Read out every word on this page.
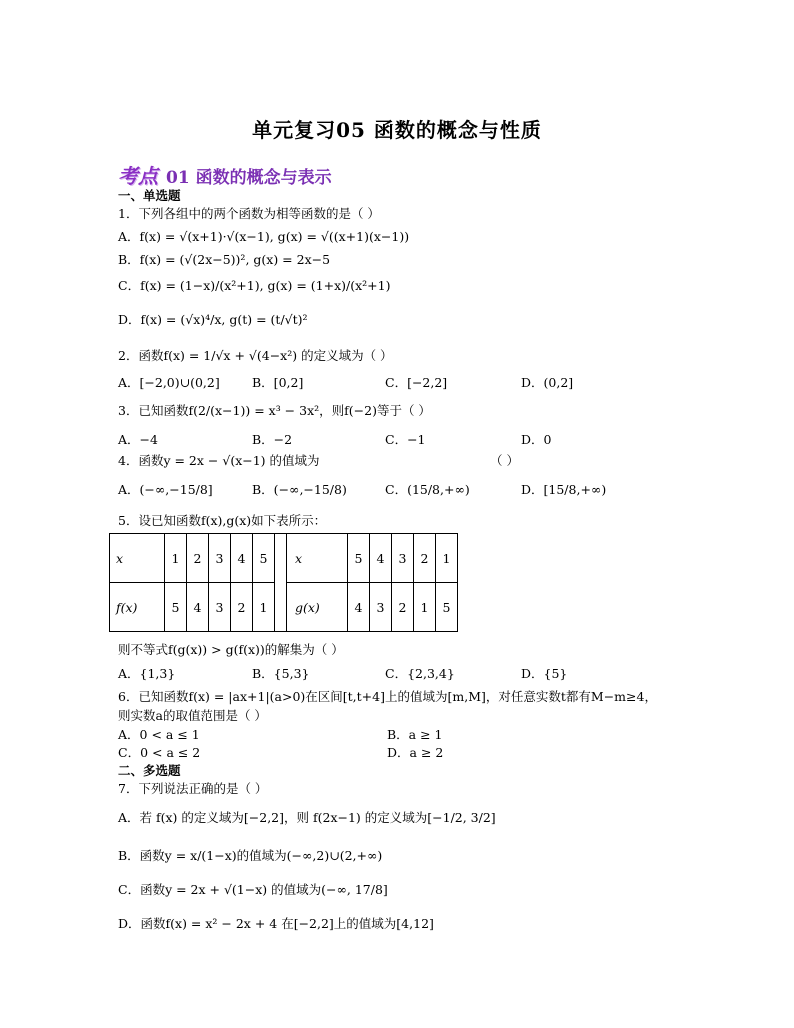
单元复习05 函数的概念与性质
考点 01 函数的概念与表示
一、单选题
1．下列各组中的两个函数为相等函数的是（ ）
A．f(x) = √(x+1)·√(x−1), g(x) = √((x+1)(x−1))
B．f(x) = (√(2x−5))², g(x) = 2x−5
C．f(x) = (1−x)/(x²+1), g(x) = (1+x)/(x²+1)
D．f(x) = (√x)⁴/x, g(t) = (t/√t)²
2．函数f(x) = 1/√x + √(4−x²) 的定义域为（ ）
A．[−2,0)∪(0,2]	B．[0,2]	C．[−2,2]	D．(0,2]
3．已知函数f(2/(x−1)) = x³ − 3x²，则f(−2)等于（ ）
A．−4	B．−2	C．−1	D．0
4．函数y = 2x − √(x−1) 的值域为	（ ）
A．(−∞,−15/8]	B．(−∞,−15/8)	C．(15/8,+∞)	D．[15/8,+∞)
5．设已知函数f(x),g(x)如下表所示：
x	1	2	3	4	5		x	5	4	3	2	1
f(x)	5	4	3	2	1		g(x)	4	3	2	1	5
则不等式f(g(x)) > g(f(x))的解集为（ ）
A．{1,3}	B．{5,3}	C．{2,3,4}	D．{5}
6．已知函数f(x) = |ax+1|(a>0)在区间[t,t+4]上的值域为[m,M]，对任意实数t都有M−m≥4，
则实数a的取值范围是（ ）
A．0 < a ≤ 1	B．a ≥ 1
C．0 < a ≤ 2	D．a ≥ 2
二、多选题
7．下列说法正确的是（ ）
A．若 f(x) 的定义域为[−2,2]，则 f(2x−1) 的定义域为[−1/2, 3/2]
B．函数y = x/(1−x)的值域为(−∞,2)∪(2,+∞)
C．函数y = 2x + √(1−x) 的值域为(−∞, 17/8]
D．函数f(x) = x² − 2x + 4 在[−2,2]上的值域为[4,12]
